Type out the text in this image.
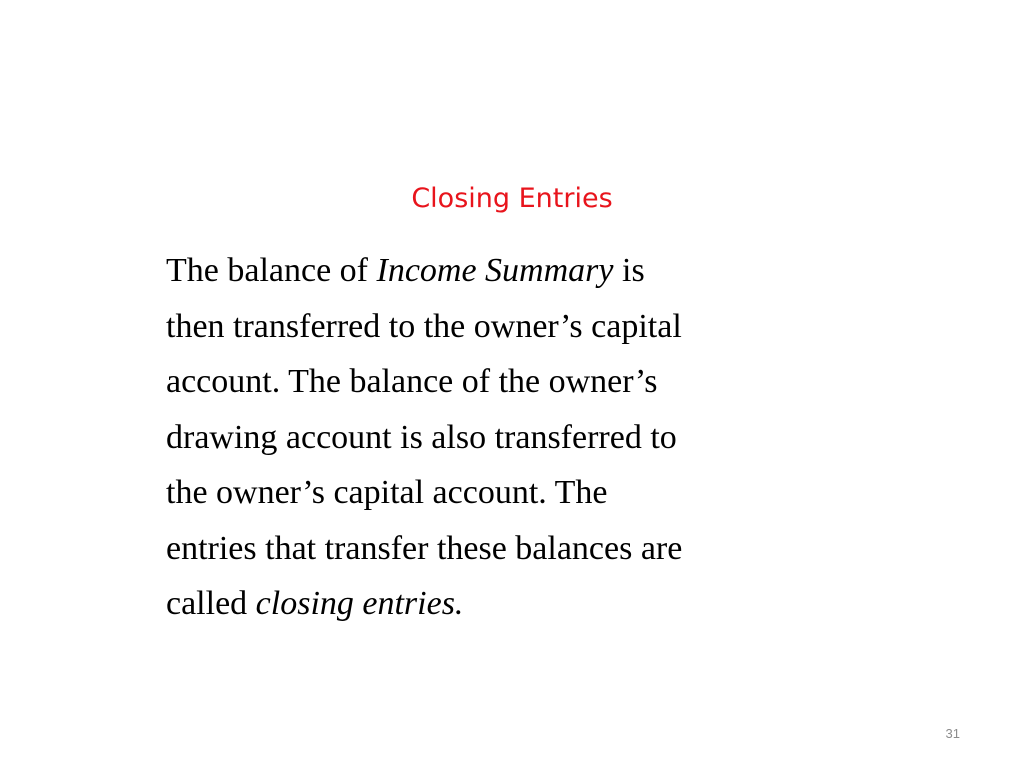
Closing Entries
The balance of Income Summary is
then transferred to the owner’s capital
account. The balance of the owner’s
drawing account is also transferred to
the owner’s capital account. The
entries that transfer these balances are
called closing entries.
31
